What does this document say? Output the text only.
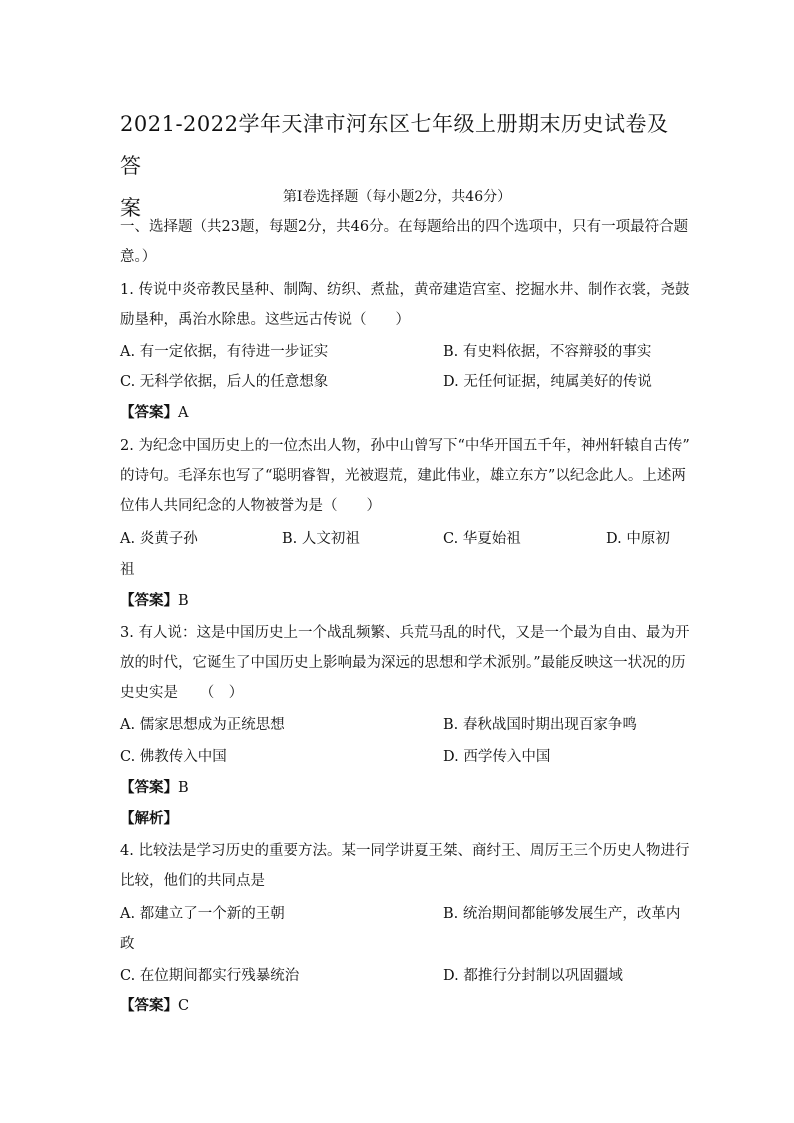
2021-2022学年天津市河东区七年级上册期末历史试卷及答
案	第Ⅰ卷选择题（每小题2分，共46分）
一、选择题（共23题，每题2分，共46分。在每题给出的四个选项中，只有一项最符合题
意。）
1. 传说中炎帝教民垦种、制陶、纺织、煮盐，黄帝建造宫室、挖掘水井、制作衣裳，尧鼓
励垦种，禹治水除患。这些远古传说（　　）
A. 有一定依据，有待进一步证实	B. 有史料依据，不容辩驳的事实
C. 无科学依据，后人的任意想象	D. 无任何证据，纯属美好的传说
【答案】A
2. 为纪念中国历史上的一位杰出人物，孙中山曾写下“中华开国五千年，神州轩辕自古传”
的诗句。毛泽东也写了“聪明睿智，光被遐荒，建此伟业，雄立东方”以纪念此人。上述两
位伟人共同纪念的人物被誉为是（　　）
A. 炎黄子孙	B. 人文初祖	C. 华夏始祖	D. 中原初
祖
【答案】B
3. 有人说：这是中国历史上一个战乱频繁、兵荒马乱的时代，又是一个最为自由、最为开
放的时代，它诞生了中国历史上影响最为深远的思想和学术派别。”最能反映这一状况的历
史史实是　　（　）
A. 儒家思想成为正统思想	B. 春秋战国时期出现百家争鸣
C. 佛教传入中国	D. 西学传入中国
【答案】B
【解析】
4. 比较法是学习历史的重要方法。某一同学讲夏王桀、商纣王、周厉王三个历史人物进行
比较，他们的共同点是
A. 都建立了一个新的王朝	B. 统治期间都能够发展生产，改革内
政
C. 在位期间都实行残暴统治	D. 都推行分封制以巩固疆域
【答案】C
